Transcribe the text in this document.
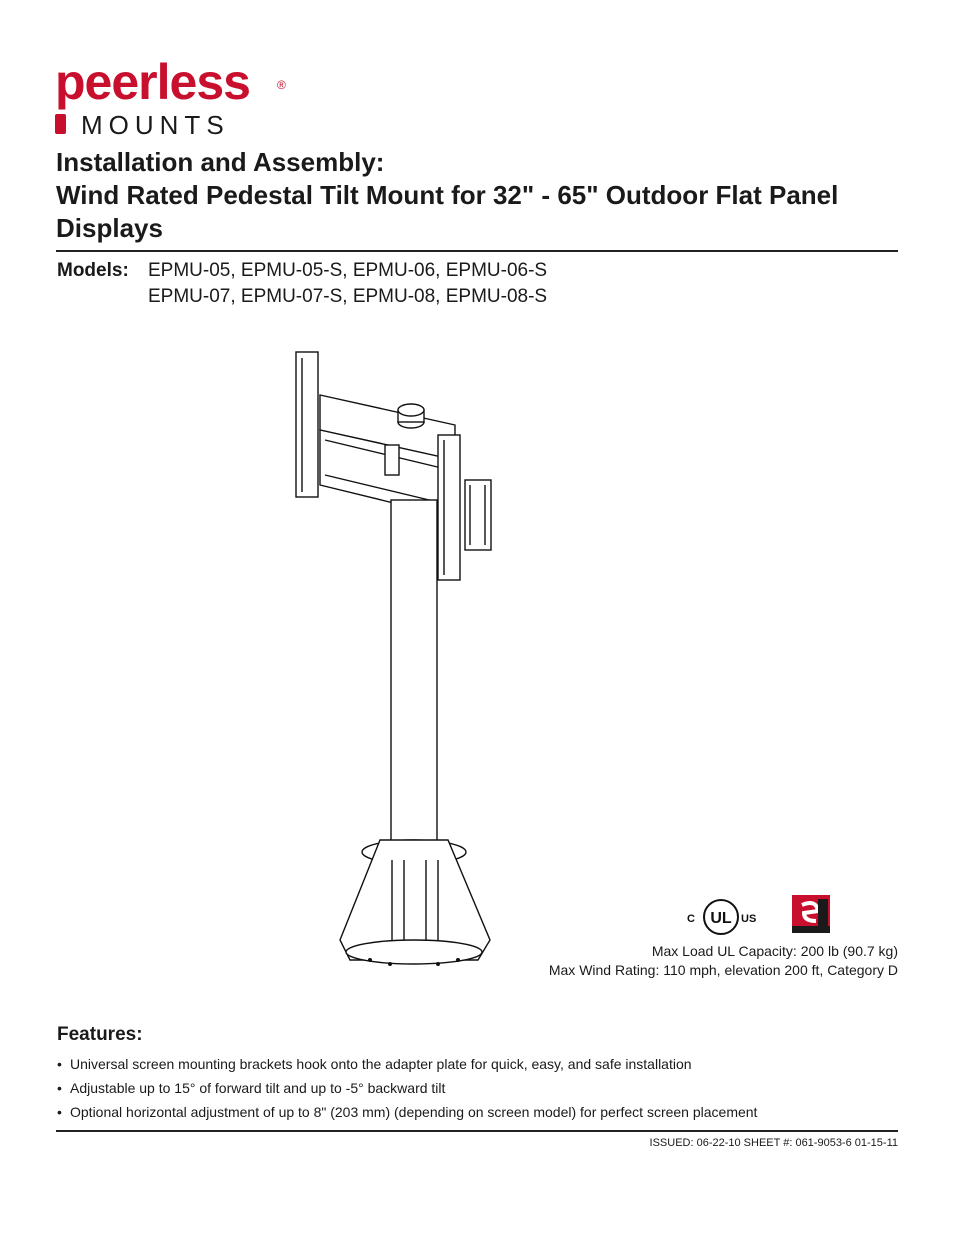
peerless ®
MOUNTS
Installation and Assembly:
Wind Rated Pedestal Tilt Mount for 32" - 65" Outdoor Flat Panel Displays
Models: EPMU-05, EPMU-05-S, EPMU-06, EPMU-06-S
EPMU-07, EPMU-07-S, EPMU-08, EPMU-08-S
UL
C	US
Max Load UL Capacity: 200 lb (90.7 kg)
Max Wind Rating: 110 mph, elevation 200 ft, Category D
Features:
• Universal screen mounting brackets hook onto the adapter plate for quick, easy, and safe installation
• Adjustable up to 15° of forward tilt and up to -5° backward tilt
• Optional horizontal adjustment of up to 8" (203 mm) (depending on screen model) for perfect screen placement
ISSUED: 06-22-10 SHEET #: 061-9053-6 01-15-11
